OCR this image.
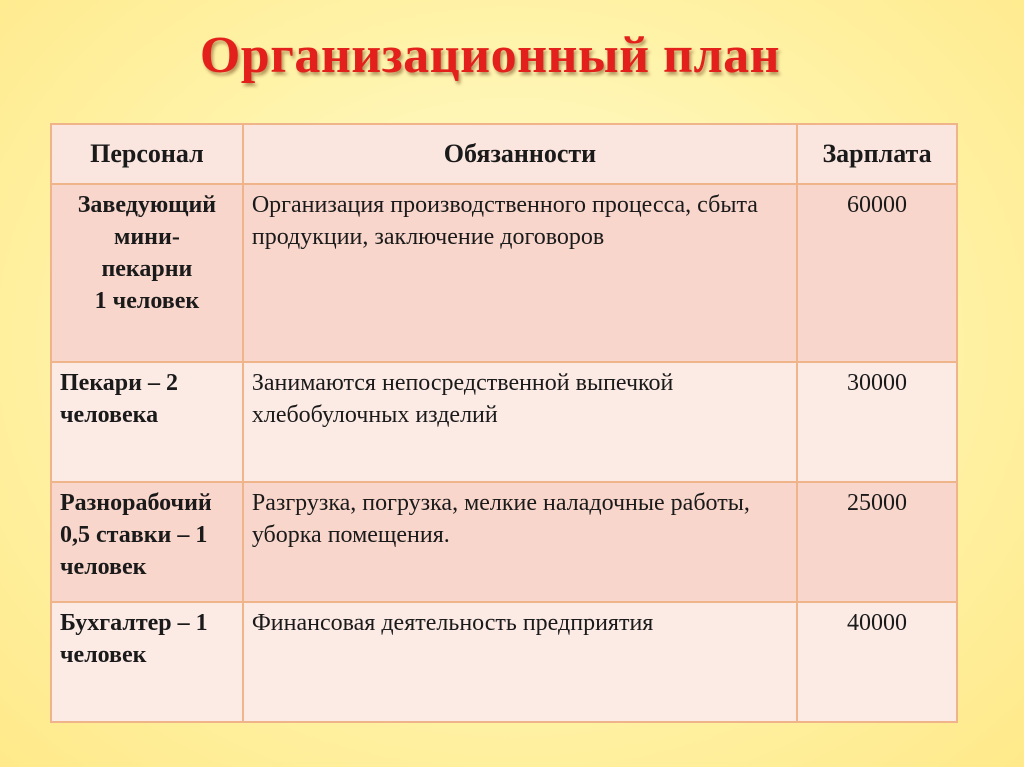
Организационный план
Персонал	Обязанности	Зарплата

Заведующий
мини-
пекарни
1 человек	Организация производственного процесса, сбыта продукции, заключение договоров	60000

Пекари – 2
человека	Занимаются непосредственной выпечкой хлебобулочных изделий	30000

Разнорабочий
0,5 ставки – 1
человек	Разгрузка, погрузка, мелкие наладочные работы, уборка помещения.	25000

Бухгалтер – 1
человек	Финансовая деятельность предприятия	40000
